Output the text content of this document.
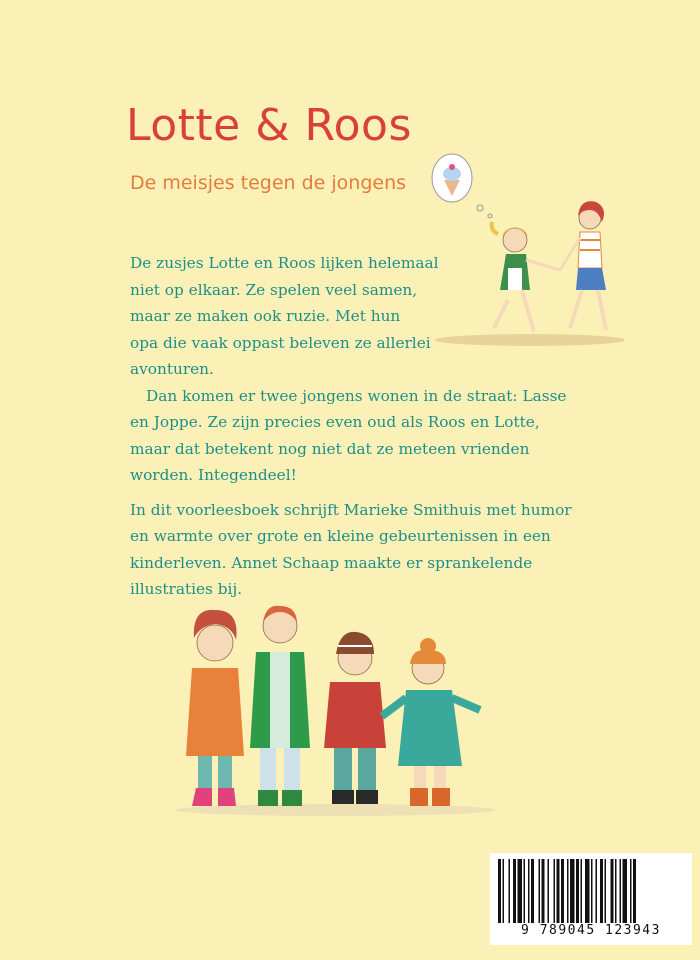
Lotte & Roos
De meisjes tegen de jongens
De zusjes Lotte en Roos lijken helemaal
niet op elkaar. Ze spelen veel samen,
maar ze maken ook ruzie. Met hun
opa die vaak oppast beleven ze allerlei
avonturen.
Dan komen er twee jongens wonen in de straat: Lasse
en Joppe. Ze zijn precies even oud als Roos en Lotte,
maar dat betekent nog niet dat ze meteen vrienden
worden. Integendeel!
In dit voorleesboek schrijft Marieke Smithuis met humor
en warmte over grote en kleine gebeurtenissen in een
kinderleven. Annet Schaap maakte er sprankelende
illustraties bij.
9 789045 123943
